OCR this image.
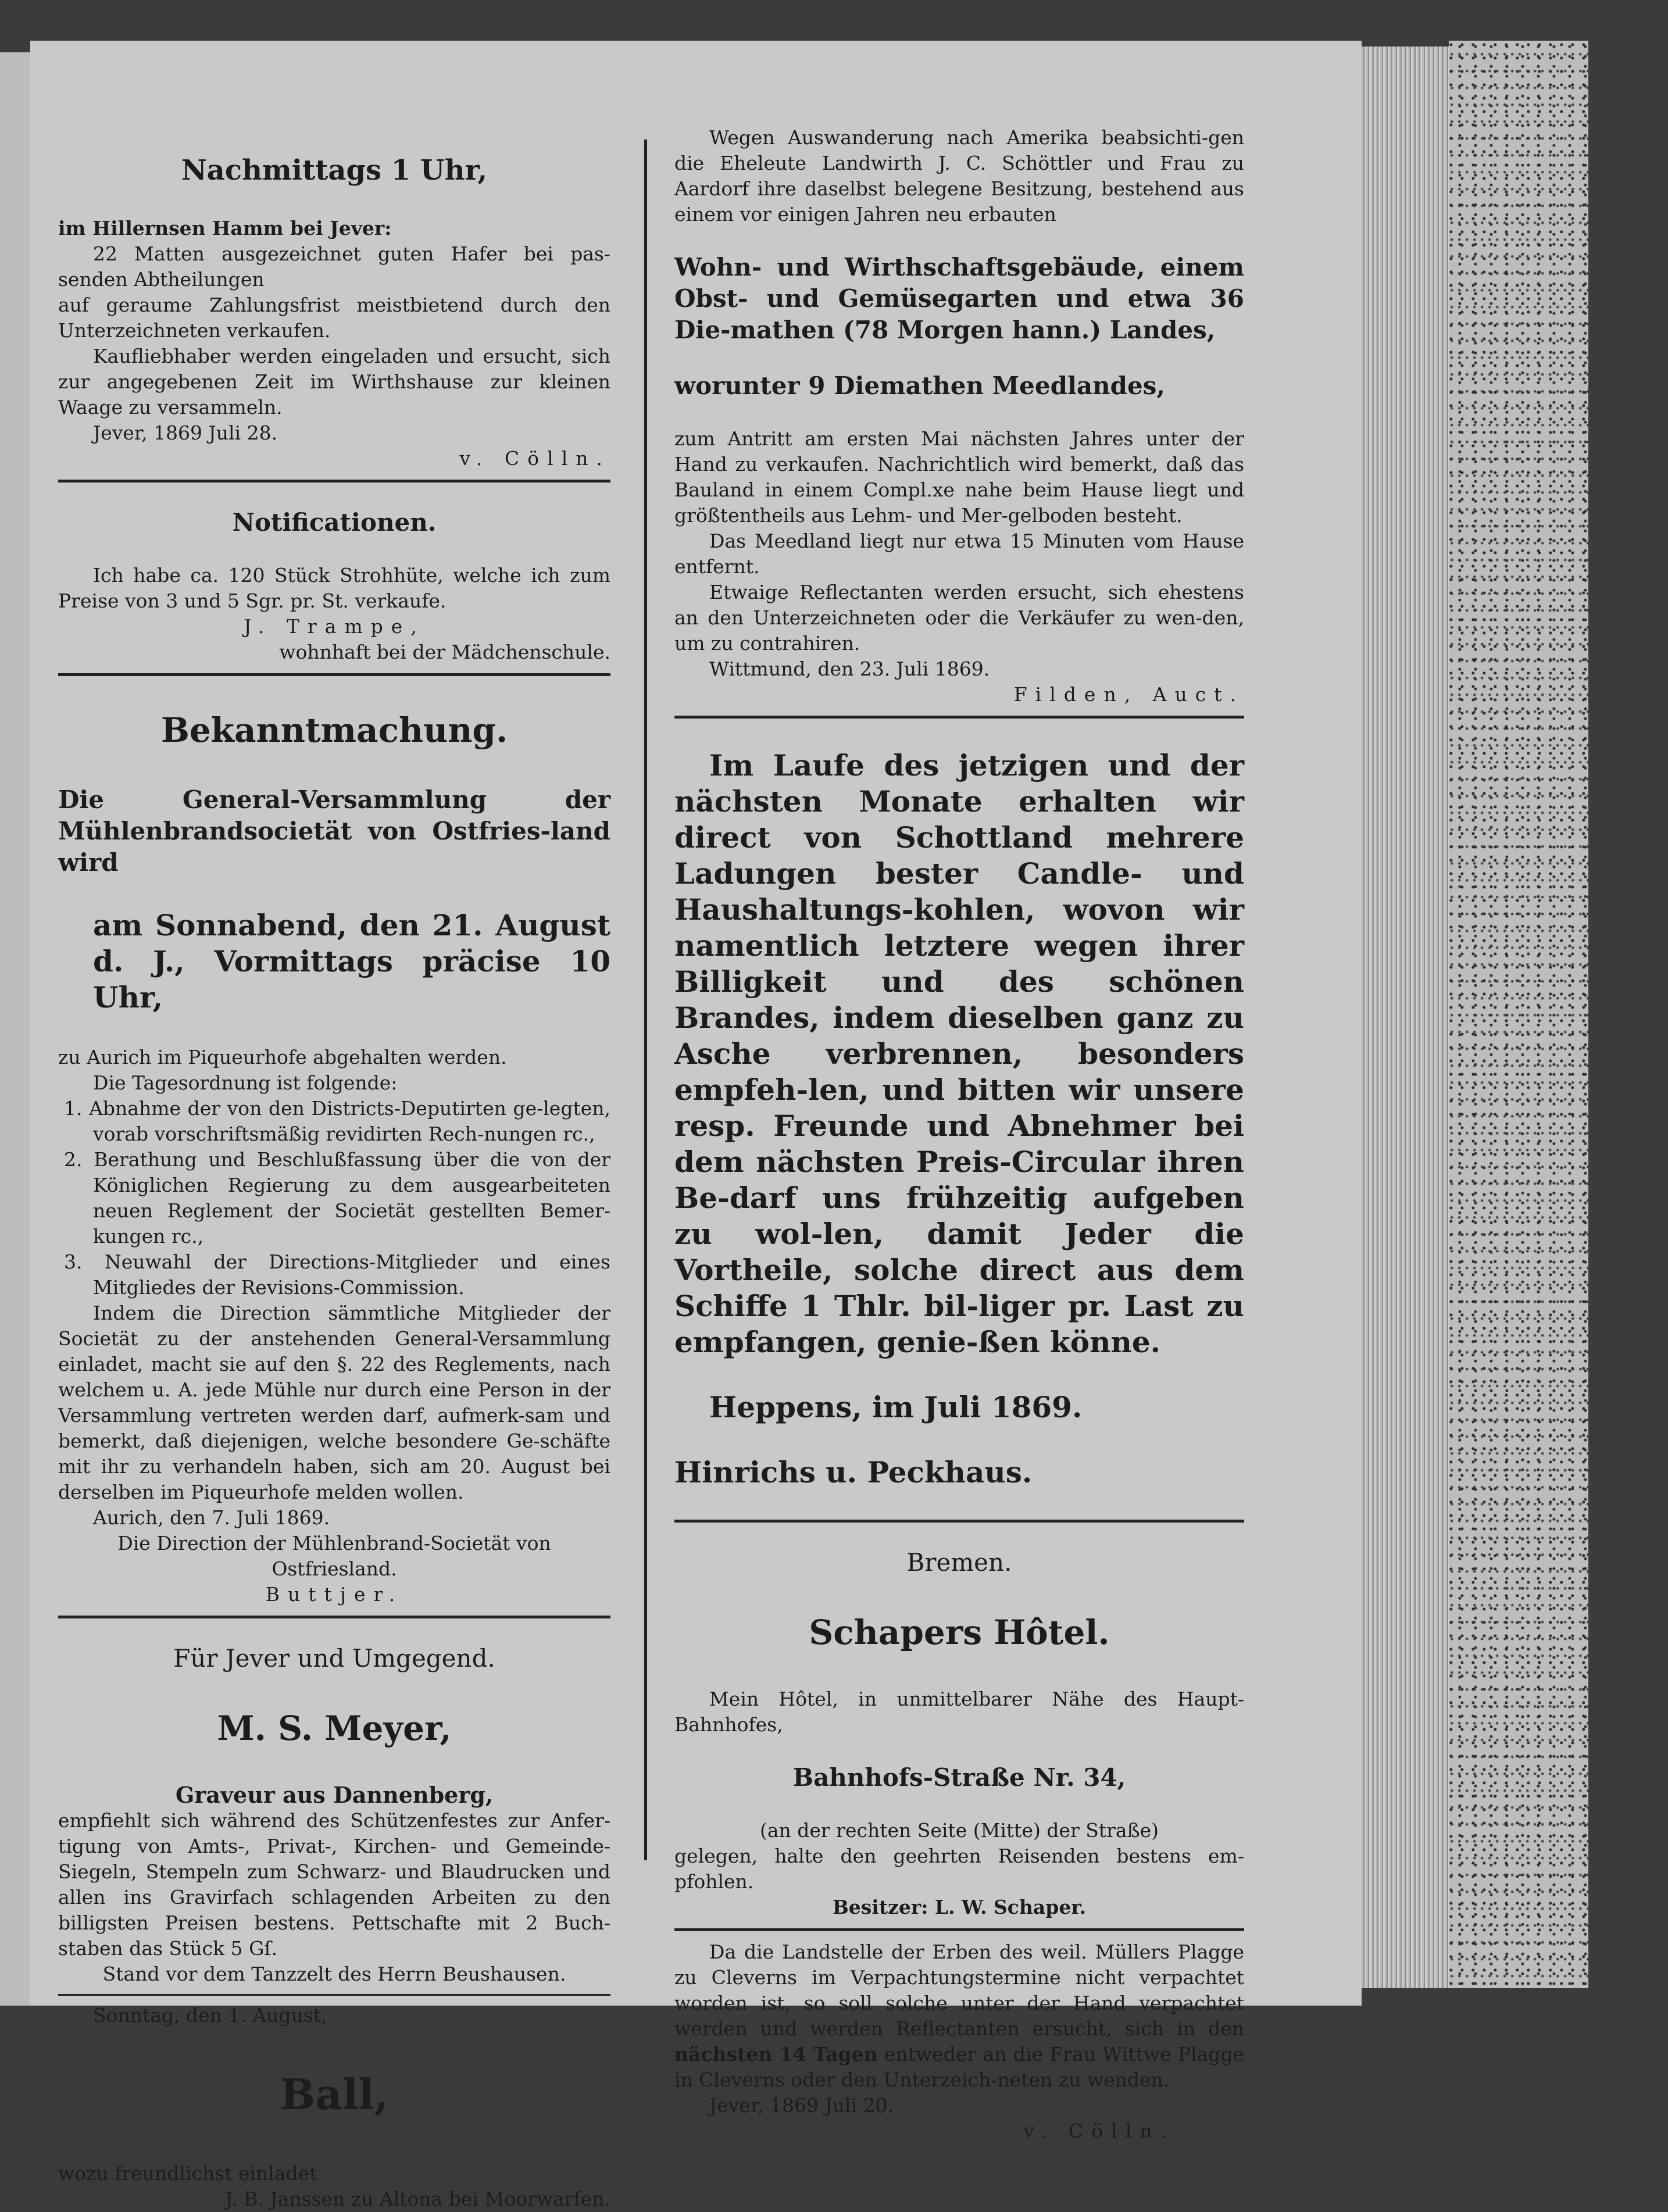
Nachmittags 1 Uhr,

im Hillernsen Hamm bei Jever:

22 Matten ausgezeichnet guten Hafer bei pas-senden Abtheilungen

auf geraume Zahlungsfrist meistbietend durch den Unterzeichneten verkaufen.

Kaufliebhaber werden eingeladen und ersucht, sich zur angegebenen Zeit im Wirthshause zur kleinen Waage zu versammeln.

Jever, 1869 Juli 28.

v. Cölln.

Notificationen.

Ich habe ca. 120 Stück Strohhüte, welche ich zum Preise von 3 und 5 Sgr. pr. St. verkaufe.

J. Trampe,

wohnhaft bei der Mädchenschule.

Bekanntmachung.

Die General-Versammlung der Mühlenbrandsocietät von Ostfries-land wird

am Sonnabend, den 21. August d. J., Vormittags präcise 10 Uhr,

zu Aurich im Piqueurhofe abgehalten werden.

Die Tagesordnung ist folgende:

1. Abnahme der von den Districts-Deputirten ge-legten, vorab vorschriftsmäßig revidirten Rech-nungen rc.,

2. Berathung und Beschlußfassung über die von der Königlichen Regierung zu dem ausgearbeiteten neuen Reglement der Societät gestellten Bemer-kungen rc.,

3. Neuwahl der Directions-Mitglieder und eines Mitgliedes der Revisions-Commission.

Indem die Direction sämmtliche Mitglieder der Societät zu der anstehenden General-Versammlung einladet, macht sie auf den §. 22 des Reglements, nach welchem u. A. jede Mühle nur durch eine Person in der Versammlung vertreten werden darf, aufmerk-sam und bemerkt, daß diejenigen, welche besondere Ge-schäfte mit ihr zu verhandeln haben, sich am 20. August bei derselben im Piqueurhofe melden wollen.

Aurich, den 7. Juli 1869.

Die Direction der Mühlenbrand-Societät von Ostfriesland.

Buttjer.

Für Jever und Umgegend.

M. S. Meyer,

Graveur aus Dannenberg,

empfiehlt sich während des Schützenfestes zur Anfer-tigung von Amts-, Privat-, Kirchen- und Gemeinde-Siegeln, Stempeln zum Schwarz- und Blaudrucken und allen ins Gravirfach schlagenden Arbeiten zu den billigsten Preisen bestens. Pettschafte mit 2 Buch-staben das Stück 5 Gſ.

Stand vor dem Tanzzelt des Herrn Beushausen.

Sonntag, den 1. August,

Ball,

wozu freundlichst einladet

J. B. Janssen zu Altona bei Moorwarfen.

Wegen Auswanderung nach Amerika beabsichti-gen die Eheleute Landwirth J. C. Schöttler und Frau zu Aardorf ihre daselbst belegene Besitzung, bestehend aus einem vor einigen Jahren neu erbauten

Wohn- und Wirthschaftsgebäude, einem Obst- und Gemüsegarten und etwa 36 Die-mathen (78 Morgen hann.) Landes,

worunter 9 Diemathen Meedlandes,

zum Antritt am ersten Mai nächsten Jahres unter der Hand zu verkaufen. Nachrichtlich wird bemerkt, daß das Bauland in einem Compl.xe nahe beim Hause liegt und größtentheils aus Lehm- und Mer-gelboden besteht.

Das Meedland liegt nur etwa 15 Minuten vom Hause entfernt.

Etwaige Reflectanten werden ersucht, sich ehestens an den Unterzeichneten oder die Verkäufer zu wen-den, um zu contrahiren.

Wittmund, den 23. Juli 1869.

Filden, Auct.

Im Laufe des jetzigen und der nächsten Monate erhalten wir direct von Schottland mehrere Ladungen bester Candle- und Haushaltungs-kohlen, wovon wir namentlich letztere wegen ihrer Billigkeit und des schönen Brandes, indem dieselben ganz zu Asche verbrennen, besonders empfeh-len, und bitten wir unsere resp. Freunde und Abnehmer bei dem nächsten Preis-Circular ihren Be-darf uns frühzeitig aufgeben zu wol-len, damit Jeder die Vortheile, solche direct aus dem Schiffe 1 Thlr. bil-liger pr. Last zu empfangen, genie-ßen könne.

Heppens, im Juli 1869.

Hinrichs u. Peckhaus.

Bremen.

Schapers Hôtel.

Mein Hôtel, in unmittelbarer Nähe des Haupt-Bahnhofes,

Bahnhofs-Straße Nr. 34,

(an der rechten Seite (Mitte) der Straße)

gelegen, halte den geehrten Reisenden bestens em-pfohlen.

Besitzer: L. W. Schaper.

Da die Landstelle der Erben des weil. Müllers Plagge zu Cleverns im Verpachtungstermine nicht verpachtet worden ist, so soll solche unter der Hand verpachtet werden und werden Reflectanten ersucht, sich in den nächsten 14 Tagen entweder an die Frau Wittwe Plagge in Cleverns oder den Unterzeich-neten zu wenden.

Jever, 1869 Juli 20.

v. Cölln.
